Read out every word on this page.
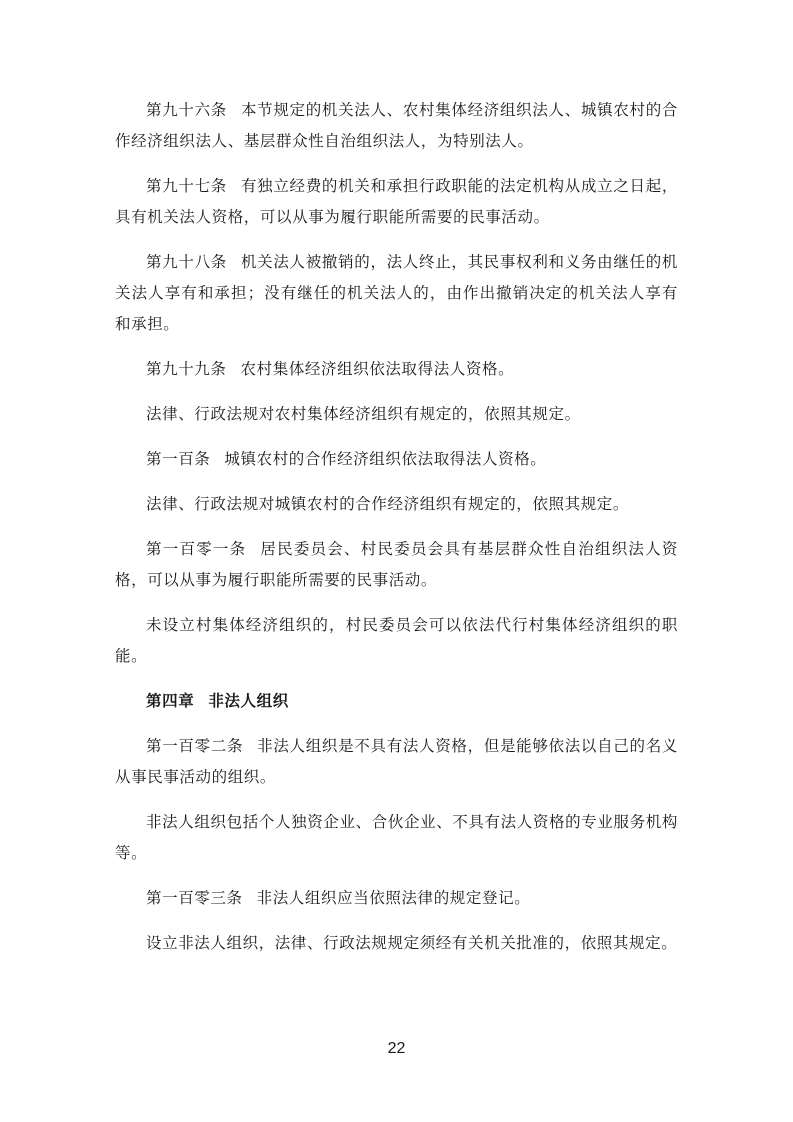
第九十六条 本节规定的机关法人、农村集体经济组织法人、城镇农村的合作经济组织法人、基层群众性自治组织法人，为特别法人。

第九十七条 有独立经费的机关和承担行政职能的法定机构从成立之日起，具有机关法人资格，可以从事为履行职能所需要的民事活动。

第九十八条 机关法人被撤销的，法人终止，其民事权利和义务由继任的机关法人享有和承担；没有继任的机关法人的，由作出撤销决定的机关法人享有和承担。

第九十九条 农村集体经济组织依法取得法人资格。

法律、行政法规对农村集体经济组织有规定的，依照其规定。

第一百条 城镇农村的合作经济组织依法取得法人资格。

法律、行政法规对城镇农村的合作经济组织有规定的，依照其规定。

第一百零一条 居民委员会、村民委员会具有基层群众性自治组织法人资格，可以从事为履行职能所需要的民事活动。

未设立村集体经济组织的，村民委员会可以依法代行村集体经济组织的职能。

第四章 非法人组织

第一百零二条 非法人组织是不具有法人资格，但是能够依法以自己的名义从事民事活动的组织。

非法人组织包括个人独资企业、合伙企业、不具有法人资格的专业服务机构等。

第一百零三条 非法人组织应当依照法律的规定登记。

设立非法人组织，法律、行政法规规定须经有关机关批准的，依照其规定。

22
